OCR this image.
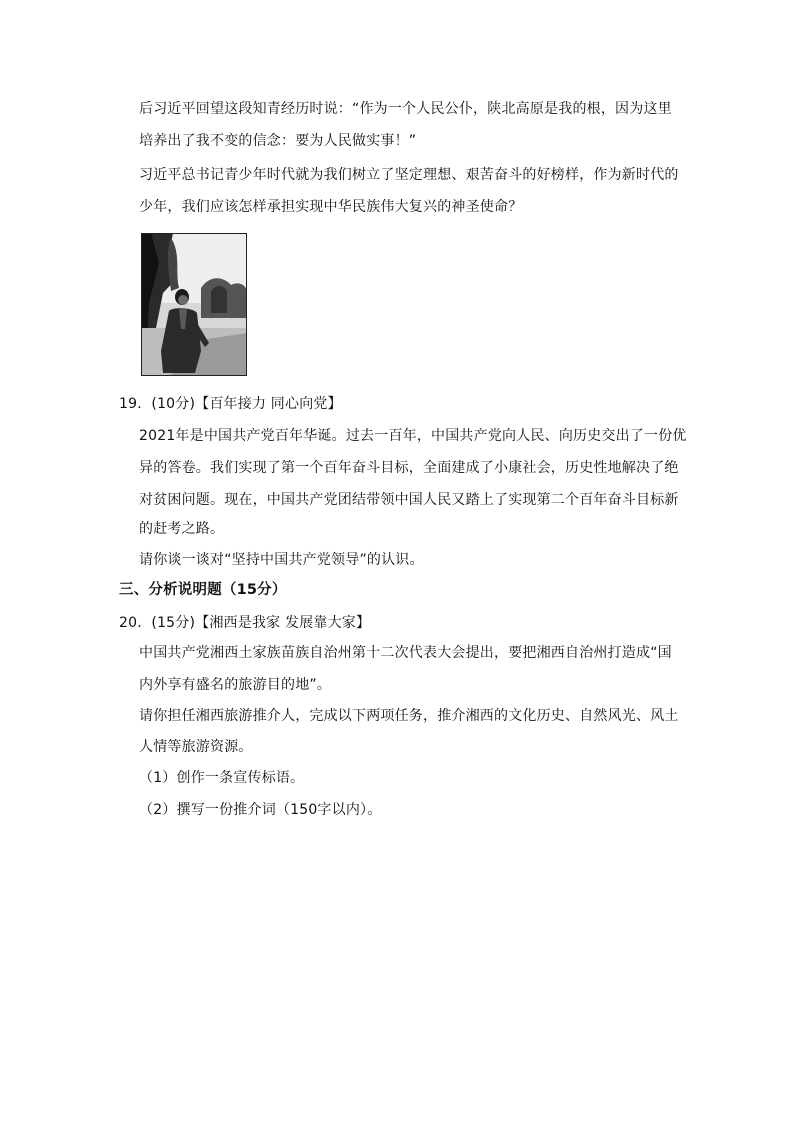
后习近平回望这段知青经历时说：“作为一个人民公仆，陕北高原是我的根，因为这里
培养出了我不变的信念：要为人民做实事！”
习近平总书记青少年时代就为我们树立了坚定理想、艰苦奋斗的好榜样，作为新时代的
少年，我们应该怎样承担实现中华民族伟大复兴的神圣使命？
19．(10分)【百年接力 同心向党】
2021年是中国共产党百年华诞。过去一百年，中国共产党向人民、向历史交出了一份优
异的答卷。我们实现了第一个百年奋斗目标，全面建成了小康社会，历史性地解决了绝
对贫困问题。现在，中国共产党团结带领中国人民又踏上了实现第二个百年奋斗目标新
的赶考之路。
请你谈一谈对“坚持中国共产党领导”的认识。
三、分析说明题（15分）
20．(15分)【湘西是我家 发展靠大家】
中国共产党湘西土家族苗族自治州第十二次代表大会提出，要把湘西自治州打造成“国
内外享有盛名的旅游目的地”。
请你担任湘西旅游推介人，完成以下两项任务，推介湘西的文化历史、自然风光、风土
人情等旅游资源。
（1）创作一条宣传标语。
（2）撰写一份推介词（150字以内）。
